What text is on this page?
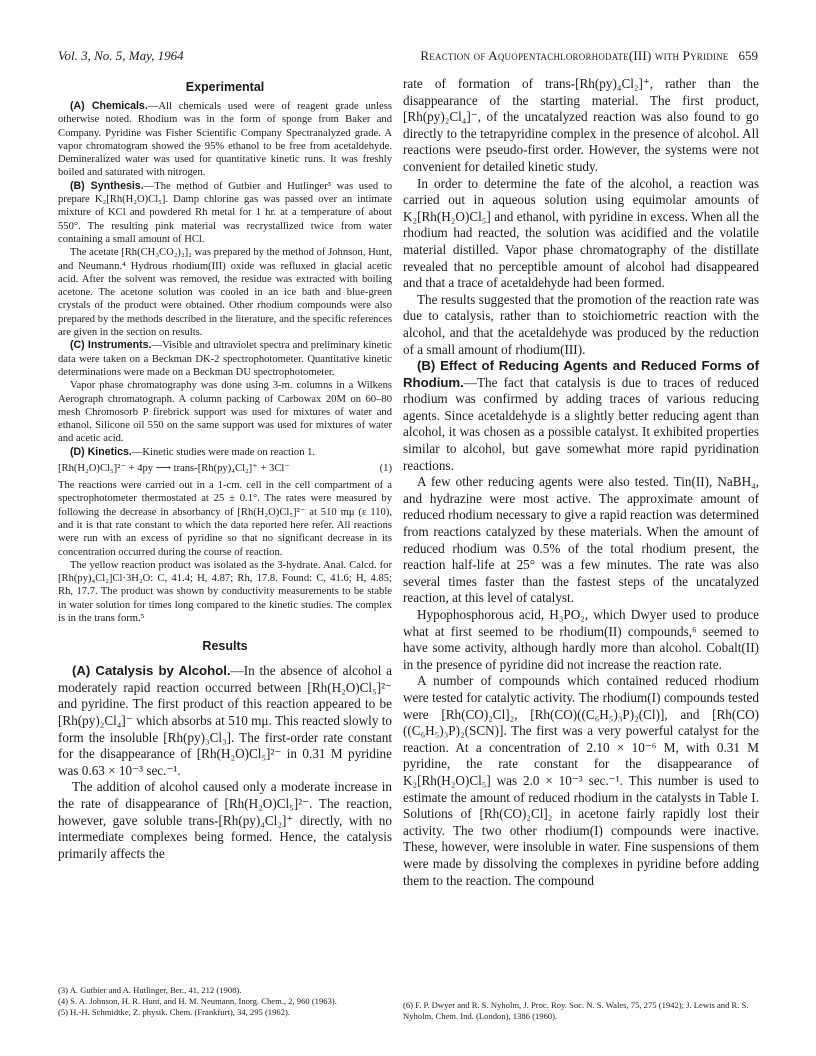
Vol. 3, No. 5, May, 1964	Reaction of Aquopentachlororhodate(III) with Pyridine 659
Experimental

(A) Chemicals.—All chemicals used were of reagent grade unless otherwise noted. Rhodium was in the form of sponge from Baker and Company. Pyridine was Fisher Scientific Company Spectranalyzed grade. A vapor chromatogram showed the 95% ethanol to be free from acetaldehyde. Demineralized water was used for quantitative kinetic runs. It was freshly boiled and saturated with nitrogen.

(B) Synthesis.—The method of Gutbier and Hutlinger³ was used to prepare K₂[Rh(H₂O)Cl₅]. Damp chlorine gas was passed over an intimate mixture of KCl and powdered Rh metal for 1 hr. at a temperature of about 550°. The resulting pink material was recrystallized twice from water containing a small amount of HCl.

The acetate [Rh(CH₃CO₂)₂]₂ was prepared by the method of Johnson, Hunt, and Neumann.⁴ Hydrous rhodium(III) oxide was refluxed in glacial acetic acid. After the solvent was removed, the residue was extracted with boiling acetone. The acetone solution was cooled in an ice bath and blue-green crystals of the product were obtained. Other rhodium compounds were also prepared by the methods described in the literature, and the specific references are given in the section on results.

(C) Instruments.—Visible and ultraviolet spectra and preliminary kinetic data were taken on a Beckman DK-2 spectrophotometer. Quantitative kinetic determinations were made on a Beckman DU spectrophotometer.

Vapor phase chromatography was done using 3-m. columns in a Wilkens Aerograph chromatograph. A column packing of Carbowax 20M on 60–80 mesh Chromosorb P firebrick support was used for mixtures of water and ethanol. Silicone oil 550 on the same support was used for mixtures of water and acetic acid.

(D) Kinetics.—Kinetic studies were made on reaction 1.

[Rh(H₂O)Cl₅]²⁻ + 4py ⟶ trans-[Rh(py)₄Cl₂]⁺ + 3Cl⁻	(1)

The reactions were carried out in a 1-cm. cell in the cell compartment of a spectrophotometer thermostated at 25 ± 0.1°. The rates were measured by following the decrease in absorbancy of [Rh(H₂O)Cl₅]²⁻ at 510 mμ (ε 110), and it is that rate constant to which the data reported here refer. All reactions were run with an excess of pyridine so that no significant decrease in its concentration occurred during the course of reaction.

The yellow reaction product was isolated as the 3-hydrate. Anal. Calcd. for [Rh(py)₄Cl₂]Cl·3H₂O: C, 41.4; H, 4.87; Rh, 17.8. Found: C, 41.6; H, 4.85; Rh, 17.7. The product was shown by conductivity measurements to be stable in water solution for times long compared to the kinetic studies. The complex is in the trans form.⁵

Results

(A) Catalysis by Alcohol.—In the absence of alcohol a moderately rapid reaction occurred between [Rh(H₂O)Cl₅]²⁻ and pyridine. The first product of this reaction appeared to be [Rh(py)₂Cl₄]⁻ which absorbs at 510 mμ. This reacted slowly to form the insoluble [Rh(py)₃Cl₃]. The first-order rate constant for the disappearance of [Rh(H₂O)Cl₅]²⁻ in 0.31 M pyridine was 0.63 × 10⁻³ sec.⁻¹.

The addition of alcohol caused only a moderate increase in the rate of disappearance of [Rh(H₂O)Cl₅]²⁻. The reaction, however, gave soluble trans-[Rh(py)₄Cl₂]⁺ directly, with no intermediate complexes being formed. Hence, the catalysis primarily affects the

(3) A. Gutbier and A. Hutlinger, Ber., 41, 212 (1908).

(4) S. A. Johnson, H. R. Hunt, and H. M. Neumann, Inorg. Chem., 2, 960 (1963).

(5) H.-H. Schmidtke, Z. physik. Chem. (Frankfurt), 34, 295 (1962).

rate of formation of trans-[Rh(py)₄Cl₂]⁺, rather than the disappearance of the starting material. The first product, [Rh(py)₂Cl₄]⁻, of the uncatalyzed reaction was also found to go directly to the tetrapyridine complex in the presence of alcohol. All reactions were pseudo-first order. However, the systems were not convenient for detailed kinetic study.

In order to determine the fate of the alcohol, a reaction was carried out in aqueous solution using equimolar amounts of K₂[Rh(H₂O)Cl₅] and ethanol, with pyridine in excess. When all the rhodium had reacted, the solution was acidified and the volatile material distilled. Vapor phase chromatography of the distillate revealed that no perceptible amount of alcohol had disappeared and that a trace of acetaldehyde had been formed.

The results suggested that the promotion of the reaction rate was due to catalysis, rather than to stoichiometric reaction with the alcohol, and that the acetaldehyde was produced by the reduction of a small amount of rhodium(III).

(B) Effect of Reducing Agents and Reduced Forms of Rhodium.—The fact that catalysis is due to traces of reduced rhodium was confirmed by adding traces of various reducing agents. Since acetaldehyde is a slightly better reducing agent than alcohol, it was chosen as a possible catalyst. It exhibited properties similar to alcohol, but gave somewhat more rapid pyridination reactions.

A few other reducing agents were also tested. Tin(II), NaBH₄, and hydrazine were most active. The approximate amount of reduced rhodium necessary to give a rapid reaction was determined from reactions catalyzed by these materials. When the amount of reduced rhodium was 0.5% of the total rhodium present, the reaction half-life at 25° was a few minutes. The rate was also several times faster than the fastest steps of the uncatalyzed reaction, at this level of catalyst.

Hypophosphorous acid, H₃PO₂, which Dwyer used to produce what at first seemed to be rhodium(II) compounds,⁶ seemed to have some activity, although hardly more than alcohol. Cobalt(II) in the presence of pyridine did not increase the reaction rate.

A number of compounds which contained reduced rhodium were tested for catalytic activity. The rhodium(I) compounds tested were [Rh(CO)₂Cl]₂, [Rh(CO)((C₆H₅)₃P)₂(Cl)], and [Rh(CO)((C₆H₅)₃P)₂(SCN)]. The first was a very powerful catalyst for the reaction. At a concentration of 2.10 × 10⁻⁶ M, with 0.31 M pyridine, the rate constant for the disappearance of K₂[Rh(H₂O)Cl₅] was 2.0 × 10⁻³ sec.⁻¹. This number is used to estimate the amount of reduced rhodium in the catalysts in Table I. Solutions of [Rh(CO)₂Cl]₂ in acetone fairly rapidly lost their activity. The two other rhodium(I) compounds were inactive. These, however, were insoluble in water. Fine suspensions of them were made by dissolving the complexes in pyridine before adding them to the reaction. The compound

(6) F. P. Dwyer and R. S. Nyholm, J. Proc. Roy. Soc. N. S. Wales, 75, 275 (1942); J. Lewis and R. S. Nyholm, Chem. Ind. (London), 1386 (1960).
